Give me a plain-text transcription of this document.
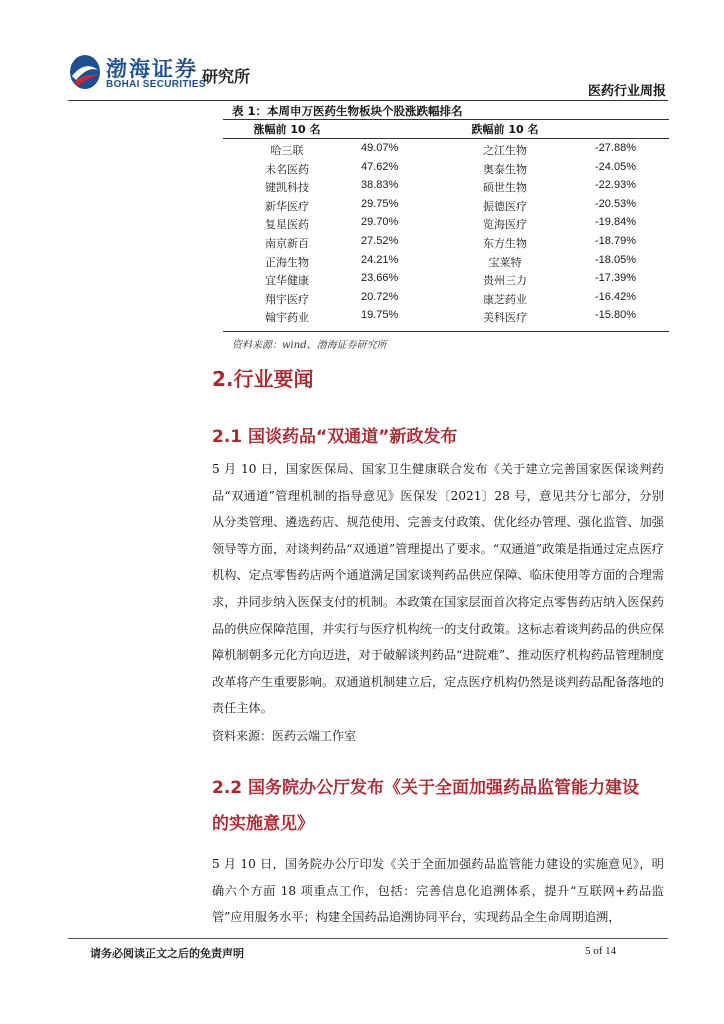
渤海证券
BOHAI SECURITIES
研究所
医药行业周报
表 1：本周申万医药生物板块个股涨跌幅排名
涨幅前 10 名	跌幅前 10 名
哈三联	49.07%	之江生物	-27.88%
未名医药	47.62%	奥泰生物	-24.05%
键凯科技	38.83%	硕世生物	-22.93%
新华医疗	29.75%	振德医疗	-20.53%
复星医药	29.70%	览海医疗	-19.84%
南京新百	27.52%	东方生物	-18.79%
正海生物	24.21%	宝莱特	-18.05%
宜华健康	23.66%	贵州三力	-17.39%
翔宇医疗	20.72%	康芝药业	-16.42%
翰宇药业	19.75%	美科医疗	-15.80%
资料来源：wind、渤海证券研究所
2.行业要闻
2.1 国谈药品“双通道”新政发布
5 月 10 日，国家医保局、国家卫生健康联合发布《关于建立完善国家医保谈判药品“双通道”管理机制的指导意见》医保发〔2021〕28 号，意见共分七部分，分别从分类管理、遴选药店、规范使用、完善支付政策、优化经办管理、强化监管、加强领导等方面，对谈判药品“双通道”管理提出了要求。“双通道”政策是指通过定点医疗机构、定点零售药店两个通道满足国家谈判药品供应保障、临床使用等方面的合理需求，并同步纳入医保支付的机制。本政策在国家层面首次将定点零售药店纳入医保药品的供应保障范围，并实行与医疗机构统一的支付政策。这标志着谈判药品的供应保障机制朝多元化方向迈进，对于破解谈判药品“进院难”、推动医疗机构药品管理制度改革将产生重要影响。双通道机制建立后，定点医疗机构仍然是谈判药品配备落地的责任主体。
资料来源：医药云端工作室
2.2 国务院办公厅发布《关于全面加强药品监管能力建设
的实施意见》
5 月 10 日，国务院办公厅印发《关于全面加强药品监管能力建设的实施意见》，明确六个方面 18 项重点工作，包括：完善信息化追溯体系，提升“互联网+药品监管”应用服务水平；构建全国药品追溯协同平台，实现药品全生命周期追溯，
请务必阅读正文之后的免责声明	5 of 14
